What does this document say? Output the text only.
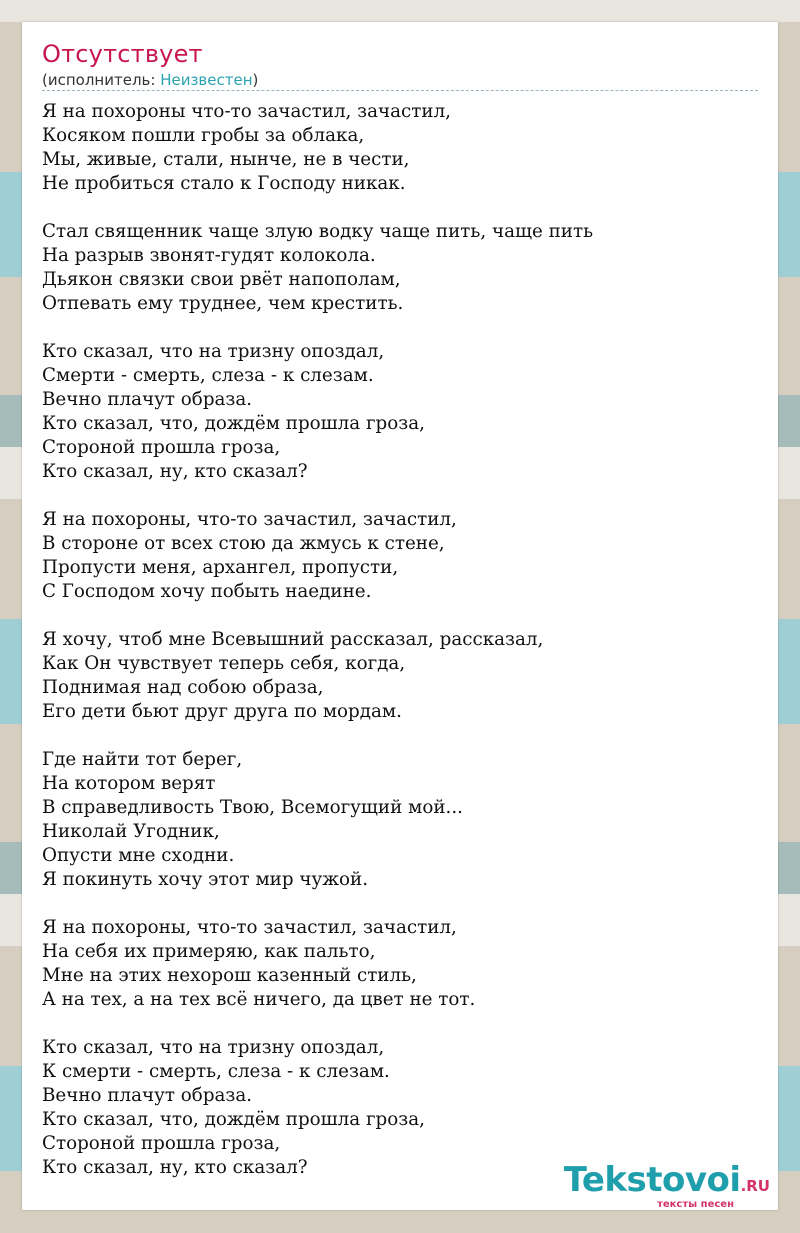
Отсутствует
(исполнитель: Неизвестен)
Я на похороны что-то зачастил, зачастил,
Косяком пошли гробы за облака,
Мы, живые, стали, нынче, не в чести,
Не пробиться стало к Господу никак.
Стал священник чаще злую водку чаще пить, чаще пить
На разрыв звонят-гудят колокола.
Дьякон связки свои рвёт напополам,
Отпевать ему труднее, чем крестить.
Кто сказал, что на тризну опоздал,
Смерти - смерть, слеза - к слезам.
Вечно плачут образа.
Кто сказал, что, дождём прошла гроза,
Стороной прошла гроза,
Кто сказал, ну, кто сказал?
Я на похороны, что-то зачастил, зачастил,
В стороне от всех стою да жмусь к стене,
Пропусти меня, архангел, пропусти,
С Господом хочу побыть наедине.
Я хочу, чтоб мне Всевышний рассказал, рассказал,
Как Он чувствует теперь себя, когда,
Поднимая над собою образа,
Его дети бьют друг друга по мордам.
Где найти тот берег,
На котором верят
В справедливость Твою, Всемогущий мой...
Николай Угодник,
Опусти мне сходни.
Я покинуть хочу этот мир чужой.
Я на похороны, что-то зачастил, зачастил,
На себя их примеряю, как пальто,
Мне на этих нехорош казенный стиль,
А на тех, а на тех всё ничего, да цвет не тот.
Кто сказал, что на тризну опоздал,
К смерти - смерть, слеза - к слезам.
Вечно плачут образа.
Кто сказал, что, дождём прошла гроза,
Стороной прошла гроза,
Кто сказал, ну, кто сказал?	Tekstovoi.RU
тексты песен
